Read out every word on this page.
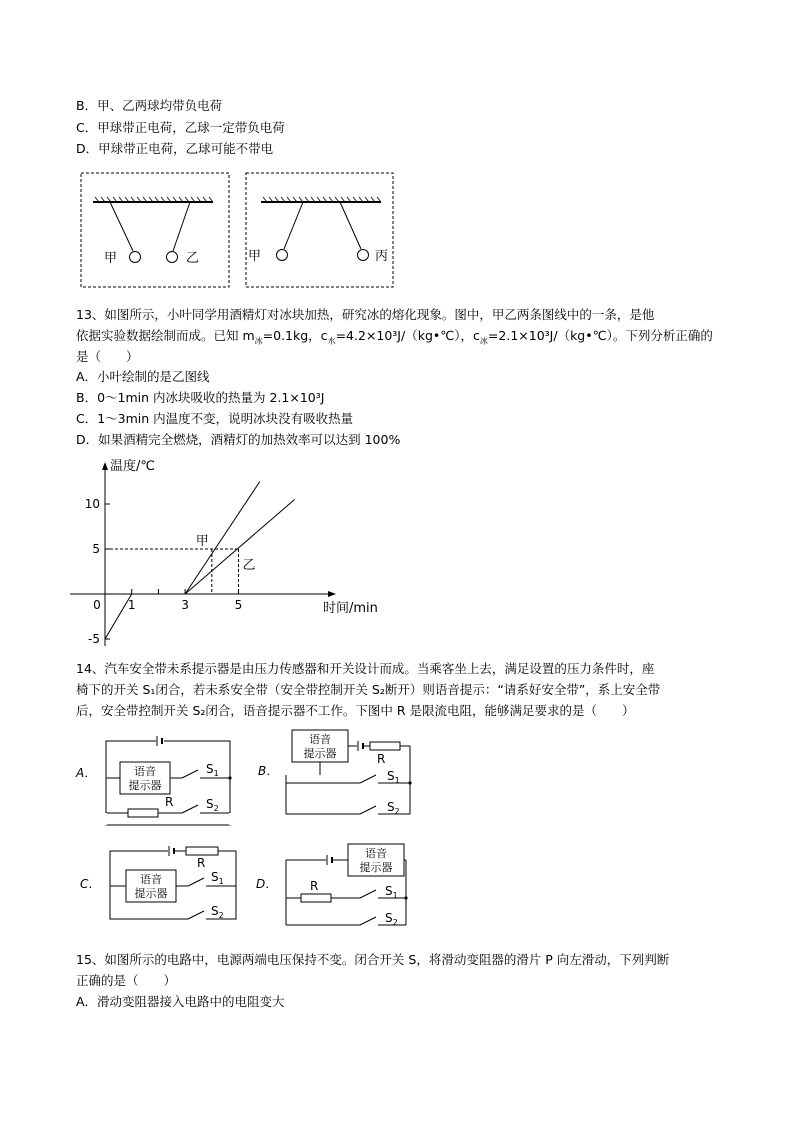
B．甲、乙两球均带负电荷
C．甲球带正电荷，乙球一定带负电荷
D．甲球带正电荷，乙球可能不带电
甲	乙	甲	丙
13、如图所示，小叶同学用酒精灯对冰块加热，研究冰的熔化现象。图中，甲乙两条图线中的一条，是他
依据实验数据绘制而成。已知 $m_冰=0.1kg$，$c_水=4.2\times 10^3J/(kg•℃)$，$c_冰=2.1\times 10^3J/(kg•℃)$。下列分析正确的
是（　　）
A．小叶绘制的是乙图线
B．0～1min 内冰块吸收的热量为 2.1×10³J
C．1～3min 内温度不变，说明冰块没有吸收热量
D．如果酒精完全燃烧，酒精灯的加热效率可以达到 100%
温度/℃
时间/min
10
5
-5
0 1	3	5
甲
乙
14、汽车安全带未系提示器是由压力传感器和开关设计而成。当乘客坐上去，满足设置的压力条件时，座
椅下的开关 S₁闭合，若未系安全带（安全带控制开关 S₂断开）则语音提示：“请系好安全带”，系上安全带
后，安全带控制开关 S₂闭合，语音提示器不工作。下图中 R 是限流电阻，能够满足要求的是（　　）
A．	语音
提示器
$S_1$
R	$S_2$
B．
语音
提示器	R
$S_1$
$S_2$
C．
R
语音
提示器
$S_1$
$S_2$
D．
语音
提示器
R	$S_1$
$S_2$
15、如图所示的电路中，电源两端电压保持不变。闭合开关 S，将滑动变阻器的滑片 P 向左滑动，下列判断
正确的是（　　）
A．滑动变阻器接入电路中的电阻变大
